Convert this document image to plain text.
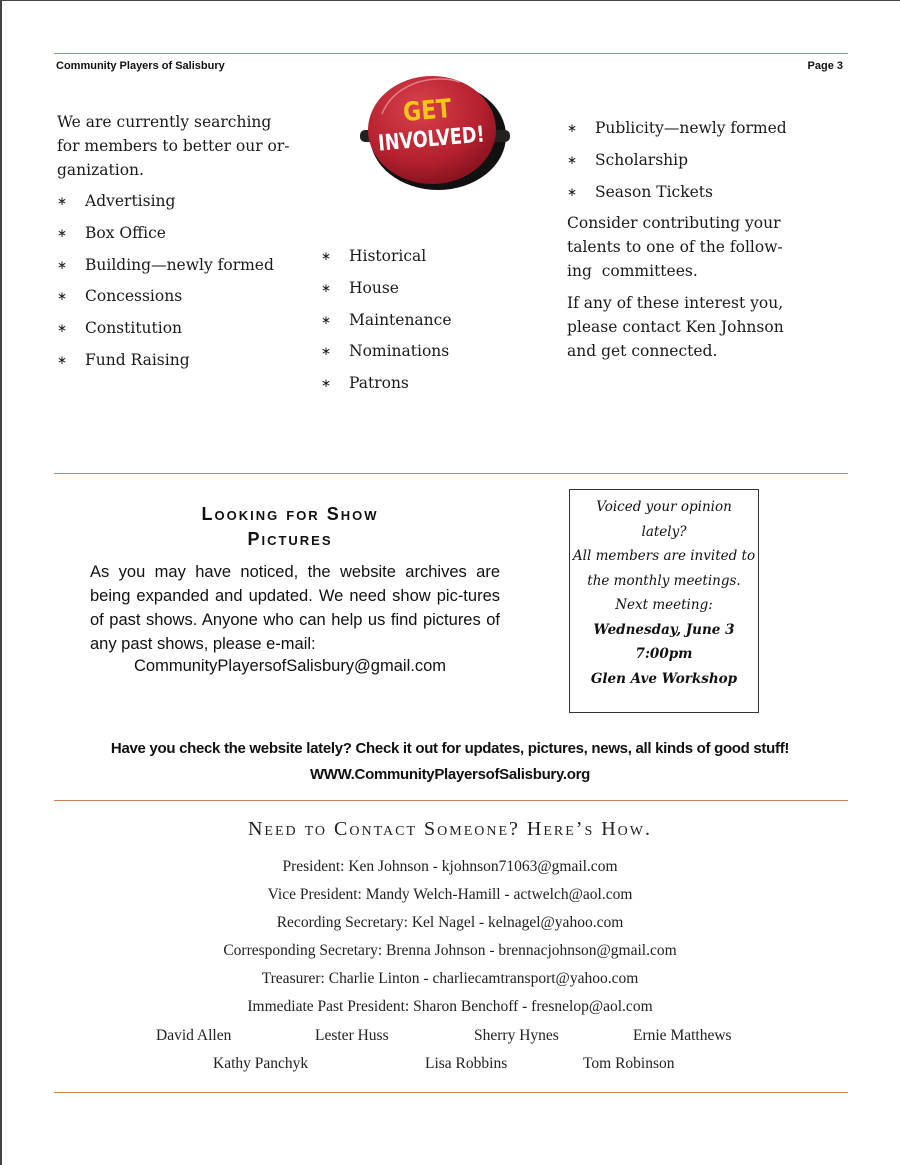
Community Players of Salisbury	Page 3
We are currently searching
for members to better our or-
ganization.
∗ Advertising
∗ Box Office
∗ Building—newly formed
∗ Concessions
∗ Constitution
∗ Fund Raising
GET
INVOLVED!
∗ Historical
∗ House
∗ Maintenance
∗ Nominations
∗ Patrons
∗ Publicity—newly formed
∗ Scholarship
∗ Season Tickets
Consider contributing your
talents to one of the follow-
ing  committees.
If any of these interest you,
please contact Ken Johnson
and get connected.
Looking for Show
Pictures
As you may have noticed, the website archives are being expanded and updated. We need show pic-tures of past shows. Anyone who can help us find pictures of any past shows, please e-mail:
CommunityPlayersofSalisbury@gmail.com
Voiced your opinion
lately?
All members are invited to
the monthly meetings.
Next meeting:
Wednesday, June 3
7:00pm
Glen Ave Workshop
Have you check the website lately? Check it out for updates, pictures, news, all kinds of good stuff!
WWW.CommunityPlayersofSalisbury.org
Need to Contact Someone? Here’s How.
President: Ken Johnson - kjohnson71063@gmail.com
Vice President: Mandy Welch-Hamill - actwelch@aol.com
Recording Secretary: Kel Nagel - kelnagel@yahoo.com
Corresponding Secretary: Brenna Johnson - brennacjohnson@gmail.com
Treasurer: Charlie Linton - charliecamtransport@yahoo.com
Immediate Past President: Sharon Benchoff - fresnelop@aol.com
David Allen	Lester Huss	Sherry Hynes	Ernie Matthews
Kathy Panchyk	Lisa Robbins	Tom Robinson
